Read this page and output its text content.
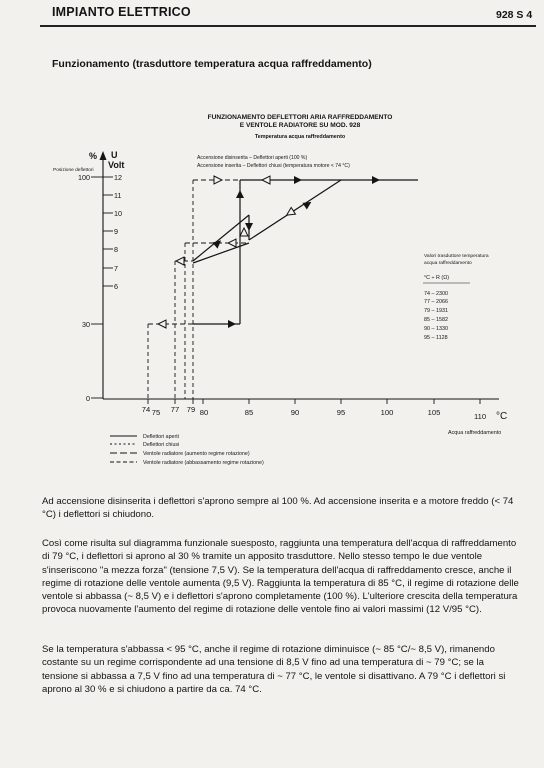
IMPIANTO ELETTRICO	928 S 4
Funzionamento (trasduttore temperatura acqua raffreddamento)
FUNZIONAMENTO DEFLETTORI ARIA RAFFREDDAMENTO
E VENTOLE RADIATORE SU MOD. 928
Temperatura acqua raffreddamento
Accensione disinserita – Deflettori aperti (100 %)
Accensione inserita – Deflettori chiusi (temperatura motore < 74 °C)
% U
Volt
Posizione deflettori
100
30
0
12
11
10
9
8
7
6
74 75 77 79 80	85	90	95	100	105	110 °C
Acqua raffreddamento
Valori trasduttore temperatura
acqua raffreddamento
°C ÷ R (Ω)
74 – 2300
77 – 2066
79 – 1931
85 – 1582
90 – 1330
95 – 1128
Deflettori aperti
Deflettori chiusi
Ventole radiatore (aumento regime rotazione)
Ventole radiatore (abbassamento regime rotazione)

Ad accensione disinserita i deflettori s'aprono sempre al 100 %. Ad accensione inserita e a motore freddo (< 74 °C) i deflettori si chiudono.

Così come risulta sul diagramma funzionale suesposto, raggiunta una temperatura dell'acqua di raffreddamento di 79 °C, i deflettori si aprono al 30 % tramite un apposito trasduttore. Nello stesso tempo le due ventole s'inseriscono "a mezza forza" (tensione 7,5 V). Se la temperatura dell'acqua di raffreddamento cresce, anche il regime di rotazione delle ventole aumenta (9,5 V). Raggiunta la temperatura di 85 °C, il regime di rotazione delle ventole si abbassa (~ 8,5 V) e i deflettori s'aprono completamente (100 %). L'ulteriore crescita della temperatura provoca nuovamente l'aumento del regime di rotazione delle ventole fino ai valori massimi (12 V/95 °C).

Se la temperatura s'abbassa < 95 °C, anche il regime di rotazione diminuisce (~ 85 °C/~ 8,5 V), rimanendo costante su un regime corrispondente ad una tensione di 8,5 V fino ad una temperatura di ~ 79 °C; se la tensione si abbassa a 7,5 V fino ad una temperatura di ~ 77 °C, le ventole si disattivano. A 79 °C i deflettori si aprono al 30 % e si chiudono a partire da ca. 74 °C.
